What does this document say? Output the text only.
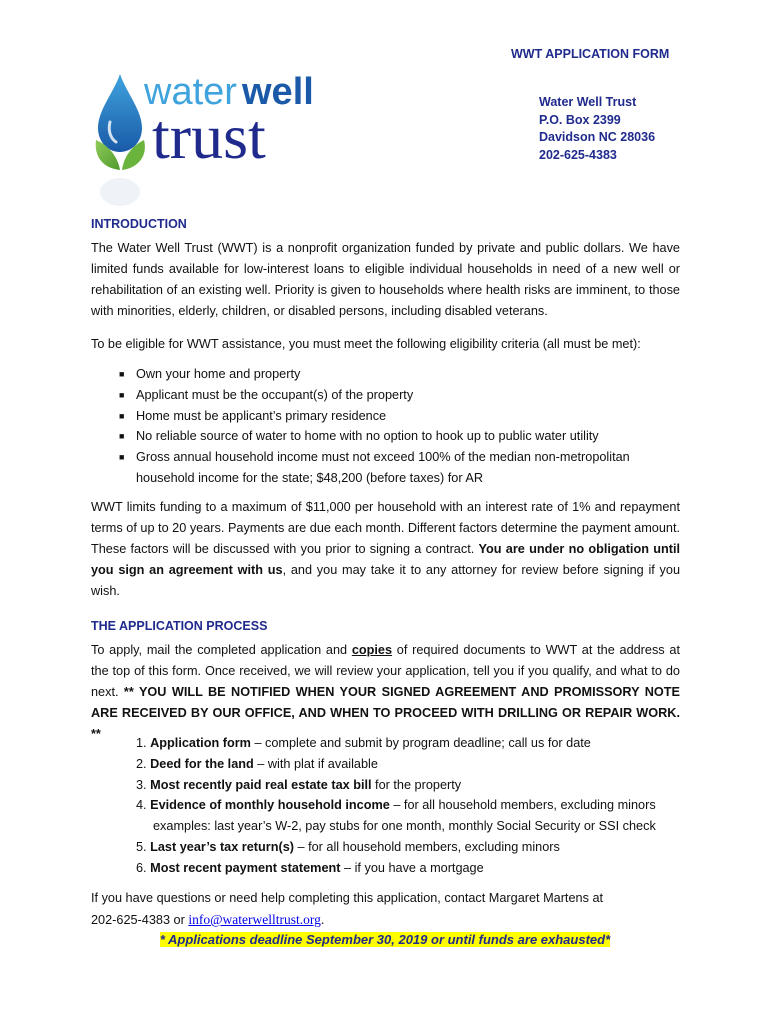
WWT APPLICATION FORM
Water Well Trust
P.O. Box 2399
Davidson NC 28036
202-625-4383
water well
trust
INTRODUCTION

The Water Well Trust (WWT) is a nonprofit organization funded by private and public dollars. We have limited funds available for low-interest loans to eligible individual households in need of a new well or rehabilitation of an existing well. Priority is given to households where health risks are imminent, to those with minorities, elderly, children, or disabled persons, including disabled veterans.

To be eligible for WWT assistance, you must meet the following eligibility criteria (all must be met):

■ Own your home and property
■ Applicant must be the occupant(s) of the property
■ Home must be applicant’s primary residence
■ No reliable source of water to home with no option to hook up to public water utility
■ Gross annual household income must not exceed 100% of the median non-metropolitan household income for the state; $48,200 (before taxes) for AR

WWT limits funding to a maximum of $11,000 per household with an interest rate of 1% and repayment terms of up to 20 years. Payments are due each month. Different factors determine the payment amount. These factors will be discussed with you prior to signing a contract. You are under no obligation until you sign an agreement with us, and you may take it to any attorney for review before signing if you wish.

THE APPLICATION PROCESS

To apply, mail the completed application and copies of required documents to WWT at the address at the top of this form. Once received, we will review your application, tell you if you qualify, and what to do next. ** YOU WILL BE NOTIFIED WHEN YOUR SIGNED AGREEMENT AND PROMISSORY NOTE ARE RECEIVED BY OUR OFFICE, AND WHEN TO PROCEED WITH DRILLING OR REPAIR WORK. **

1. Application form – complete and submit by program deadline; call us for date
2. Deed for the land – with plat if available
3. Most recently paid real estate tax bill for the property
4. Evidence of monthly household income – for all household members, excluding minors
examples: last year’s W-2, pay stubs for one month, monthly Social Security or SSI check
5. Last year’s tax return(s) – for all household members, excluding minors
6. Most recent payment statement – if you have a mortgage

If you have questions or need help completing this application, contact Margaret Martens at
202-625-4383 or info@waterwelltrust.org.

* Applications deadline September 30, 2019 or until funds are exhausted*
